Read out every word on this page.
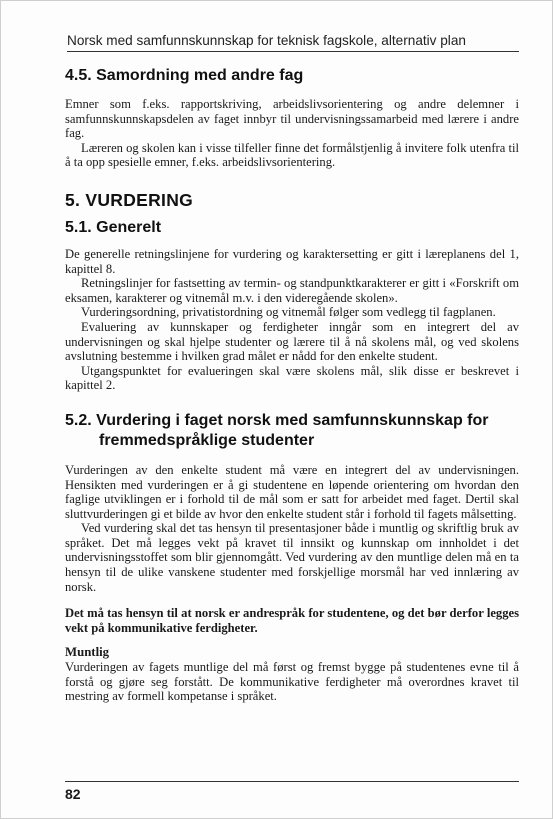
Norsk med samfunnskunnskap for teknisk fagskole, alternativ plan
4.5. Samordning med andre fag

Emner som f.eks. rapportskriving, arbeidslivsorientering og andre delemner i samfunnskunnskapsdelen av faget innbyr til undervisningssamarbeid med lærere i andre fag.

Læreren og skolen kan i visse tilfeller finne det formålstjenlig å invitere folk utenfra til å ta opp spesielle emner, f.eks. arbeidslivsorientering.

5. VURDERING
5.1. Generelt

De generelle retningslinjene for vurdering og karaktersetting er gitt i læreplanens del 1, kapittel 8.

Retningslinjer for fastsetting av termin- og standpunktkarakterer er gitt i «Forskrift om eksamen, karakterer og vitnemål m.v. i den videregående skolen».

Vurderingsordning, privatistordning og vitnemål følger som vedlegg til fagplanen.

Evaluering av kunnskaper og ferdigheter inngår som en integrert del av undervisningen og skal hjelpe studenter og lærere til å nå skolens mål, og ved skolens avslutning bestemme i hvilken grad målet er nådd for den enkelte student.

Utgangspunktet for evalueringen skal være skolens mål, slik disse er beskrevet i kapittel 2.

5.2. Vurdering i faget norsk med samfunnskunnskap for
fremmedspråklige studenter

Vurderingen av den enkelte student må være en integrert del av undervisningen. Hensikten med vurderingen er å gi studentene en løpende orientering om hvordan den faglige utviklingen er i forhold til de mål som er satt for arbeidet med faget. Dertil skal sluttvurderingen gi et bilde av hvor den enkelte student står i forhold til fagets målsetting.

Ved vurdering skal det tas hensyn til presentasjoner både i muntlig og skriftlig bruk av språket. Det må legges vekt på kravet til innsikt og kunnskap om innholdet i det undervisningsstoffet som blir gjennomgått. Ved vurdering av den muntlige delen må en ta hensyn til de ulike vanskene studenter med forskjellige morsmål har ved innlæring av norsk.

Det må tas hensyn til at norsk er andrespråk for studentene, og det bør derfor legges vekt på kommunikative ferdigheter.

Muntlig

Vurderingen av fagets muntlige del må først og fremst bygge på studentenes evne til å forstå og gjøre seg forstått. De kommunikative ferdigheter må overordnes kravet til mestring av formell kompetanse i språket.

82
